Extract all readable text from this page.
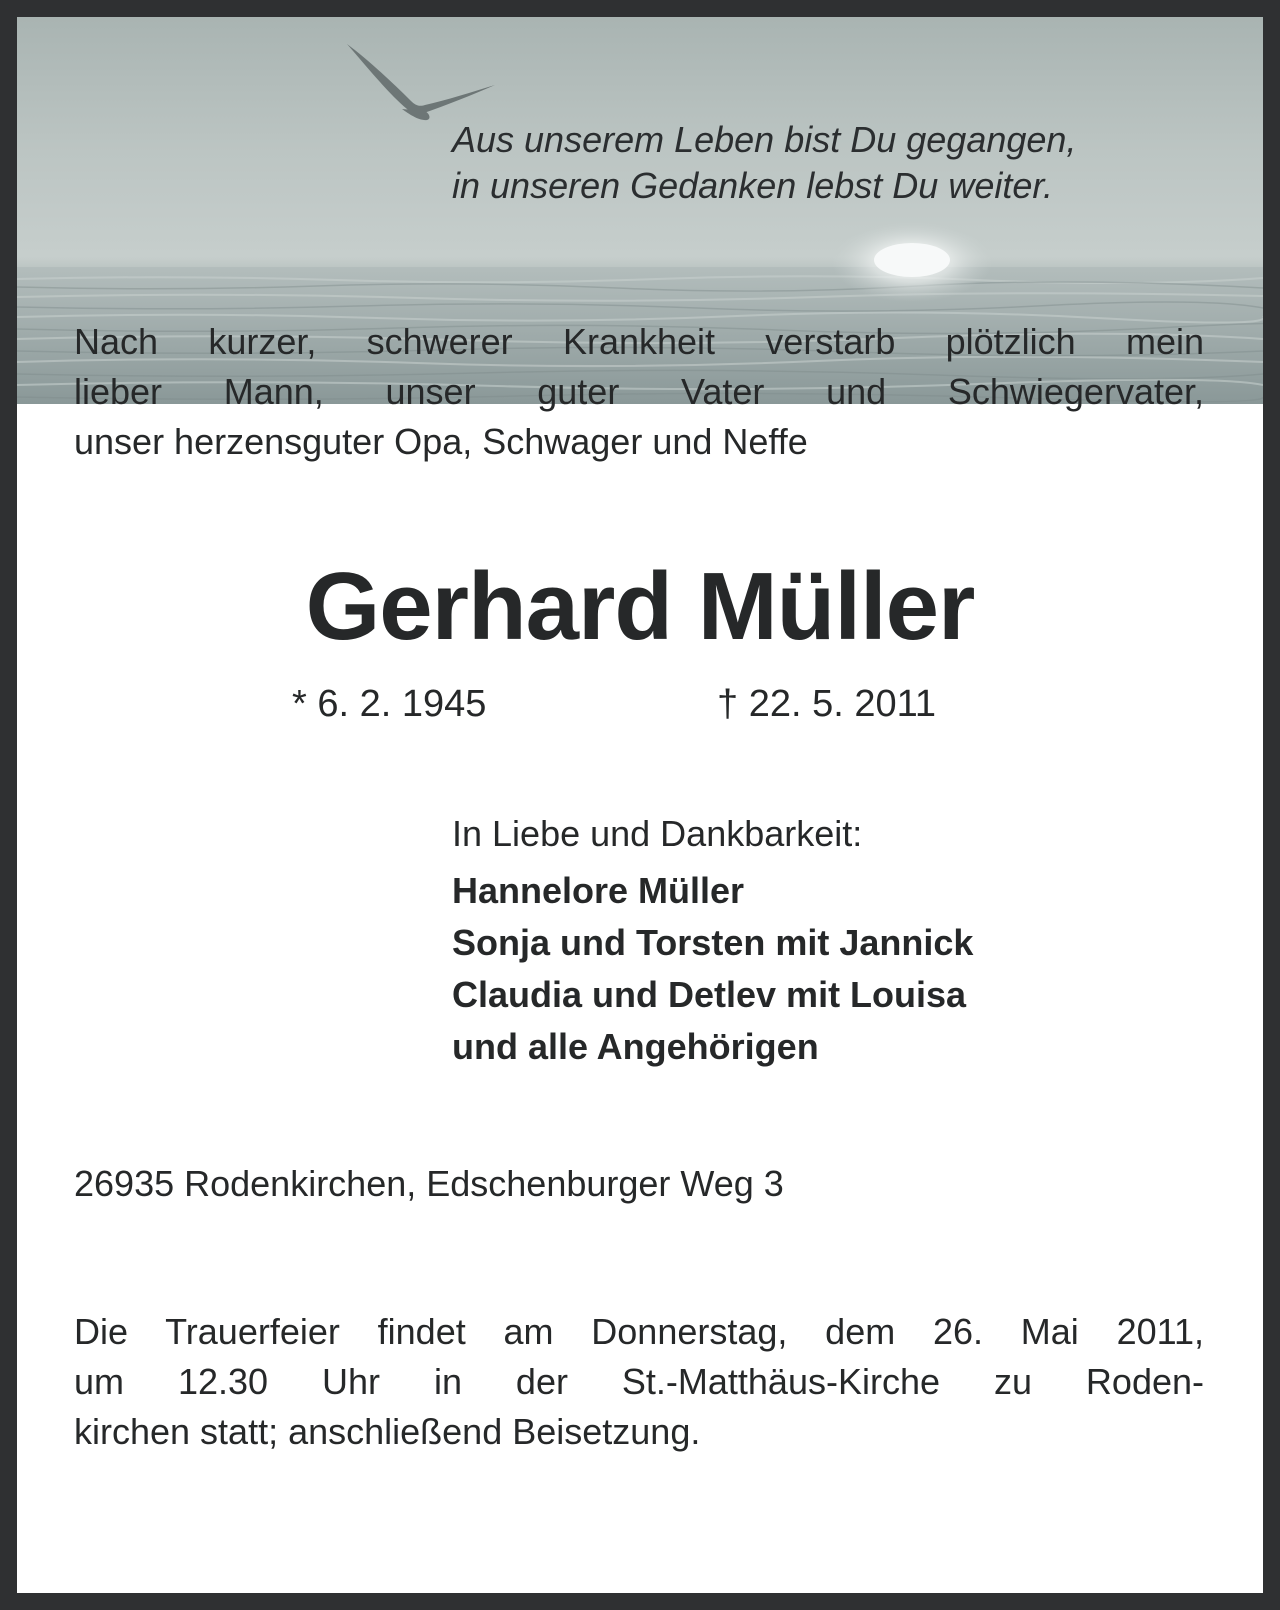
Aus unserem Leben bist Du gegangen,
in unseren Gedanken lebst Du weiter.

Nach kurzer, schwerer Krankheit verstarb plötzlich mein
lieber Mann, unser guter Vater und Schwiegervater,
unser herzensguter Opa, Schwager und Neffe

Gerhard Müller

* 6. 2. 1945	† 22. 5. 2011

In Liebe und Dankbarkeit:
Hannelore Müller
Sonja und Torsten mit Jannick
Claudia und Detlev mit Louisa
und alle Angehörigen

26935 Rodenkirchen, Edschenburger Weg 3

Die Trauerfeier findet am Donnerstag, dem 26. Mai 2011,
um 12.30 Uhr in der St.-Matthäus-Kirche zu Roden-
kirchen statt; anschließend Beisetzung.
